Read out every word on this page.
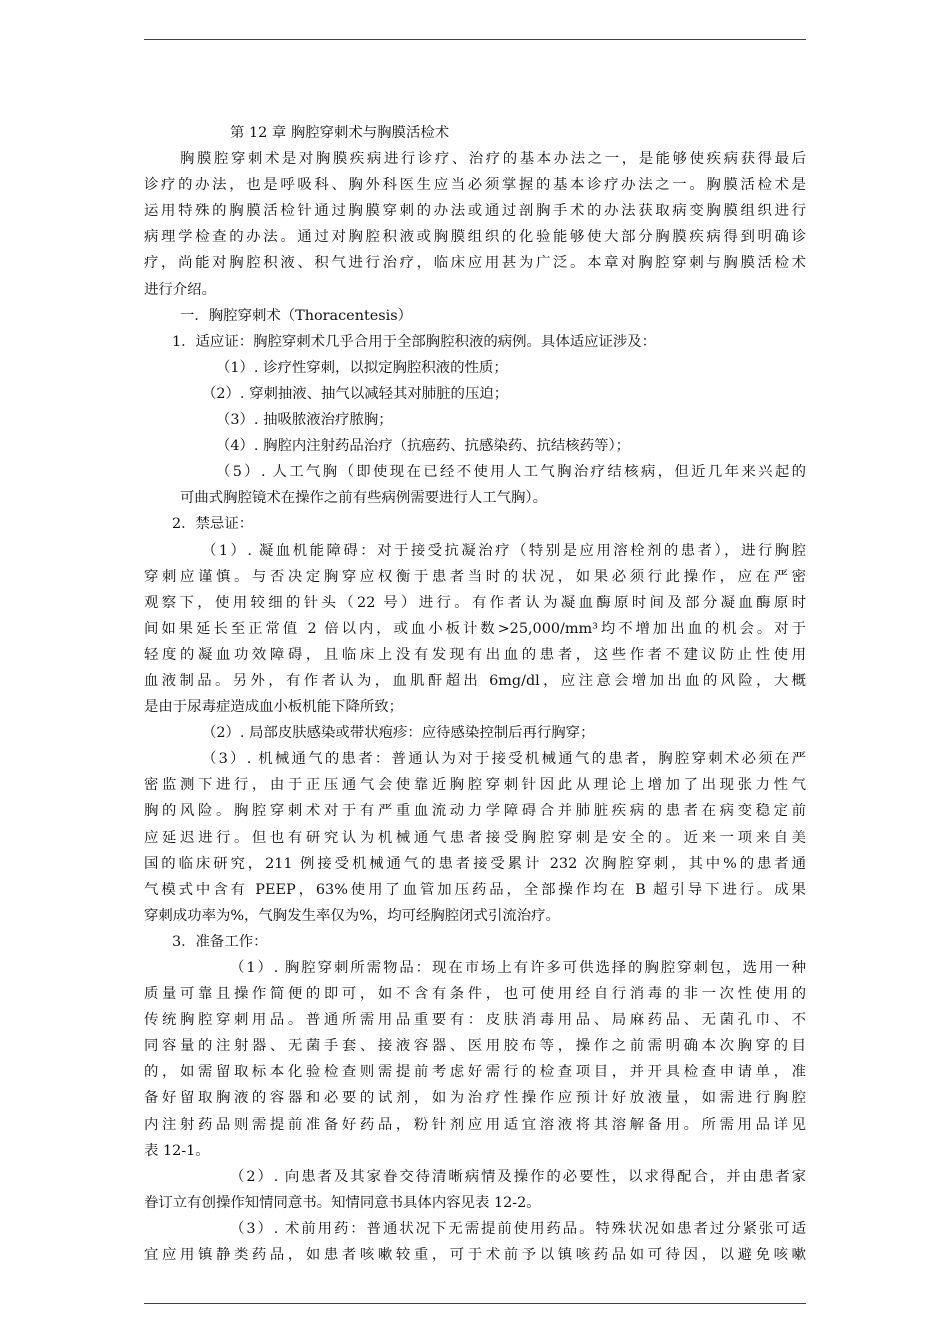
第 12 章 胸腔穿刺术与胸膜活检术
胸膜腔穿刺术是对胸膜疾病进行诊疗、治疗的基本办法之一，是能够使疾病获得最后
诊疗的办法，也是呼吸科、胸外科医生应当必须掌握的基本诊疗办法之一。胸膜活检术是
运用特殊的胸膜活检针通过胸膜穿刺的办法或通过剖胸手术的办法获取病变胸膜组织进行
病理学检查的办法。通过对胸腔积液或胸膜组织的化验能够使大部分胸膜疾病得到明确诊
疗，尚能对胸腔积液、积气进行治疗，临床应用甚为广泛。本章对胸腔穿刺与胸膜活检术
进行介绍。
一．胸腔穿刺术（Thoracentesis）
1．适应证：胸腔穿刺术几乎合用于全部胸腔积液的病例。具体适应证涉及：
（1）. 诊疗性穿刺，以拟定胸腔积液的性质；
（2）. 穿刺抽液、抽气以减轻其对肺脏的压迫；
（3）. 抽吸脓液治疗脓胸；
（4）. 胸腔内注射药品治疗（抗癌药、抗感染药、抗结核药等）；
（5）. 人工气胸（即使现在已经不使用人工气胸治疗结核病，但近几年来兴起的
可曲式胸腔镜术在操作之前有些病例需要进行人工气胸）。
2．禁忌证：
（1）. 凝血机能障碍：对于接受抗凝治疗（特别是应用溶栓剂的患者），进行胸腔
穿刺应谨慎。与否决定胸穿应权衡于患者当时的状况，如果必须行此操作，应在严密
观察下，使用较细的针头（22 号）进行。有作者认为凝血酶原时间及部分凝血酶原时
间如果延长至正常值 2 倍以内，或血小板计数>25,000/mm³均不增加出血的机会。对于
轻度的凝血功效障碍，且临床上没有发现有出血的患者，这些作者不建议防止性使用
血液制品。另外，有作者认为，血肌酐超出 6mg/dl，应注意会增加出血的风险，大概
是由于尿毒症造成血小板机能下降所致；
（2）. 局部皮肤感染或带状疱疹：应待感染控制后再行胸穿；
（3）. 机械通气的患者：普通认为对于接受机械通气的患者，胸腔穿刺术必须在严
密监测下进行，由于正压通气会使靠近胸腔穿刺针因此从理论上增加了出现张力性气
胸的风险。胸腔穿刺术对于有严重血流动力学障碍合并肺脏疾病的患者在病变稳定前
应延迟进行。但也有研究认为机械通气患者接受胸腔穿刺是安全的。近来一项来自美
国的临床研究，211 例接受机械通气的患者接受累计 232 次胸腔穿刺，其中%的患者通
气模式中含有 PEEP，63%使用了血管加压药品，全部操作均在 B 超引导下进行。成果
穿刺成功率为%，气胸发生率仅为%，均可经胸腔闭式引流治疗。
3．准备工作：
（1）. 胸腔穿刺所需物品：现在市场上有许多可供选择的胸腔穿刺包，选用一种
质量可靠且操作简便的即可，如不含有条件，也可使用经自行消毒的非一次性使用的
传统胸腔穿刺用品。普通所需用品重要有：皮肤消毒用品、局麻药品、无菌孔巾、不
同容量的注射器、无菌手套、接液容器、医用胶布等，操作之前需明确本次胸穿的目
的，如需留取标本化验检查则需提前考虑好需行的检查项目，并开具检查申请单，准
备好留取胸液的容器和必要的试剂，如为治疗性操作应预计好放液量，如需进行胸腔
内注射药品则需提前准备好药品，粉针剂应用适宜溶液将其溶解备用。所需用品详见
表 12-1。
（2）. 向患者及其家眷交待清晰病情及操作的必要性，以求得配合，并由患者家
眷订立有创操作知情同意书。知情同意书具体内容见表 12-2。
（3）. 术前用药：普通状况下无需提前使用药品。特殊状况如患者过分紧张可适
宜应用镇静类药品，如患者咳嗽较重，可于术前予以镇咳药品如可待因，以避免咳嗽
